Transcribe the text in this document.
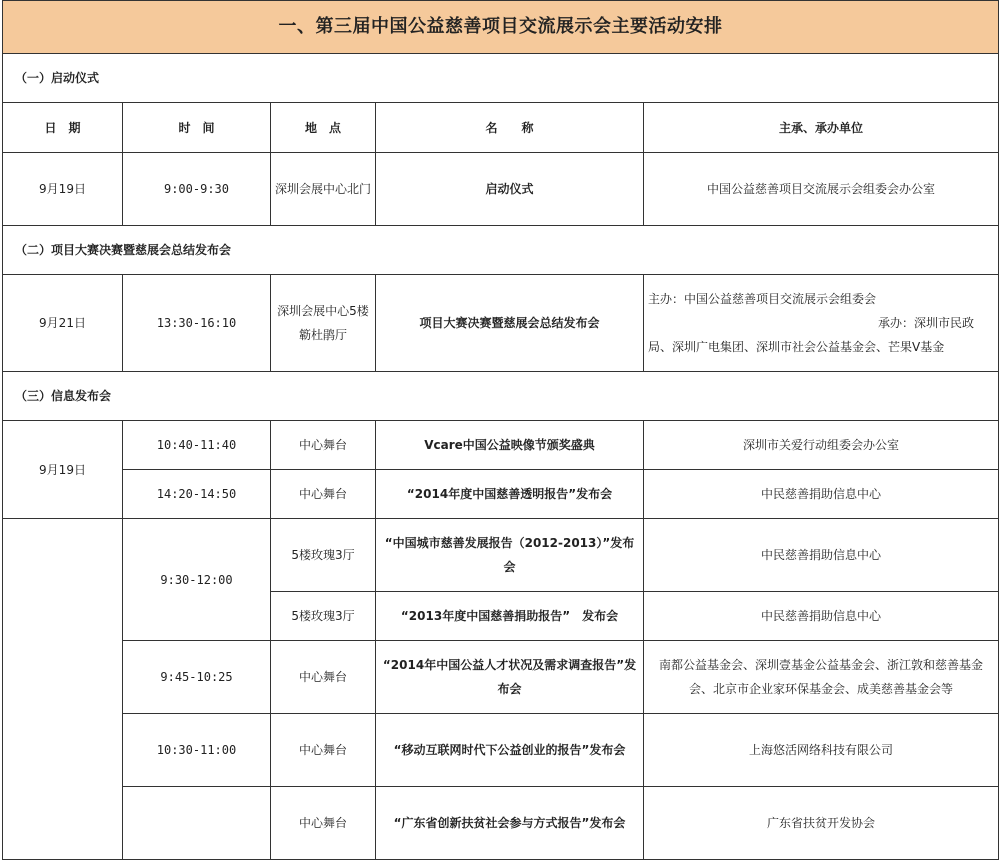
一、第三届中国公益慈善项目交流展示会主要活动安排				
（一）启动仪式				
日　期	时　间	地　点	名　　称	主承、承办单位
9月19日	9:00-9:30	深圳会展中心北门	启动仪式	中国公益慈善项目交流展示会组委会办公室
（二）项目大赛决赛暨慈展会总结发布会				
9月21日	13:30-16:10	深圳会展中心5楼簕杜鹃厅	项目大赛决赛暨慈展会总结发布会	主办：中国公益慈善项目交流展示会组委会承办：深圳市民政局、深圳广电集团、深圳市社会公益基金会、芒果V基金
（三）信息发布会				
9月19日	10:40-11:40	中心舞台	Vcare中国公益映像节颁奖盛典	深圳市关爱行动组委会办公室
	14:20-14:50	中心舞台	“2014年度中国慈善透明报告”发布会	中民慈善捐助信息中心
	9:30-12:00	5楼玫瑰3厅	“中国城市慈善发展报告（2012-2013）”发布会	中民慈善捐助信息中心
		5楼玫瑰3厅	“2013年度中国慈善捐助报告”　发布会	中民慈善捐助信息中心
	9:45-10:25	中心舞台	“2014年中国公益人才状况及需求调查报告”发布会	南都公益基金会、深圳壹基金公益基金会、浙江敦和慈善基金会、北京市企业家环保基金会、成美慈善基金会等
	10:30-11:00	中心舞台	“移动互联网时代下公益创业的报告”发布会	上海悠活网络科技有限公司
		中心舞台	“广东省创新扶贫社会参与方式报告”发布会	广东省扶贫开发协会
